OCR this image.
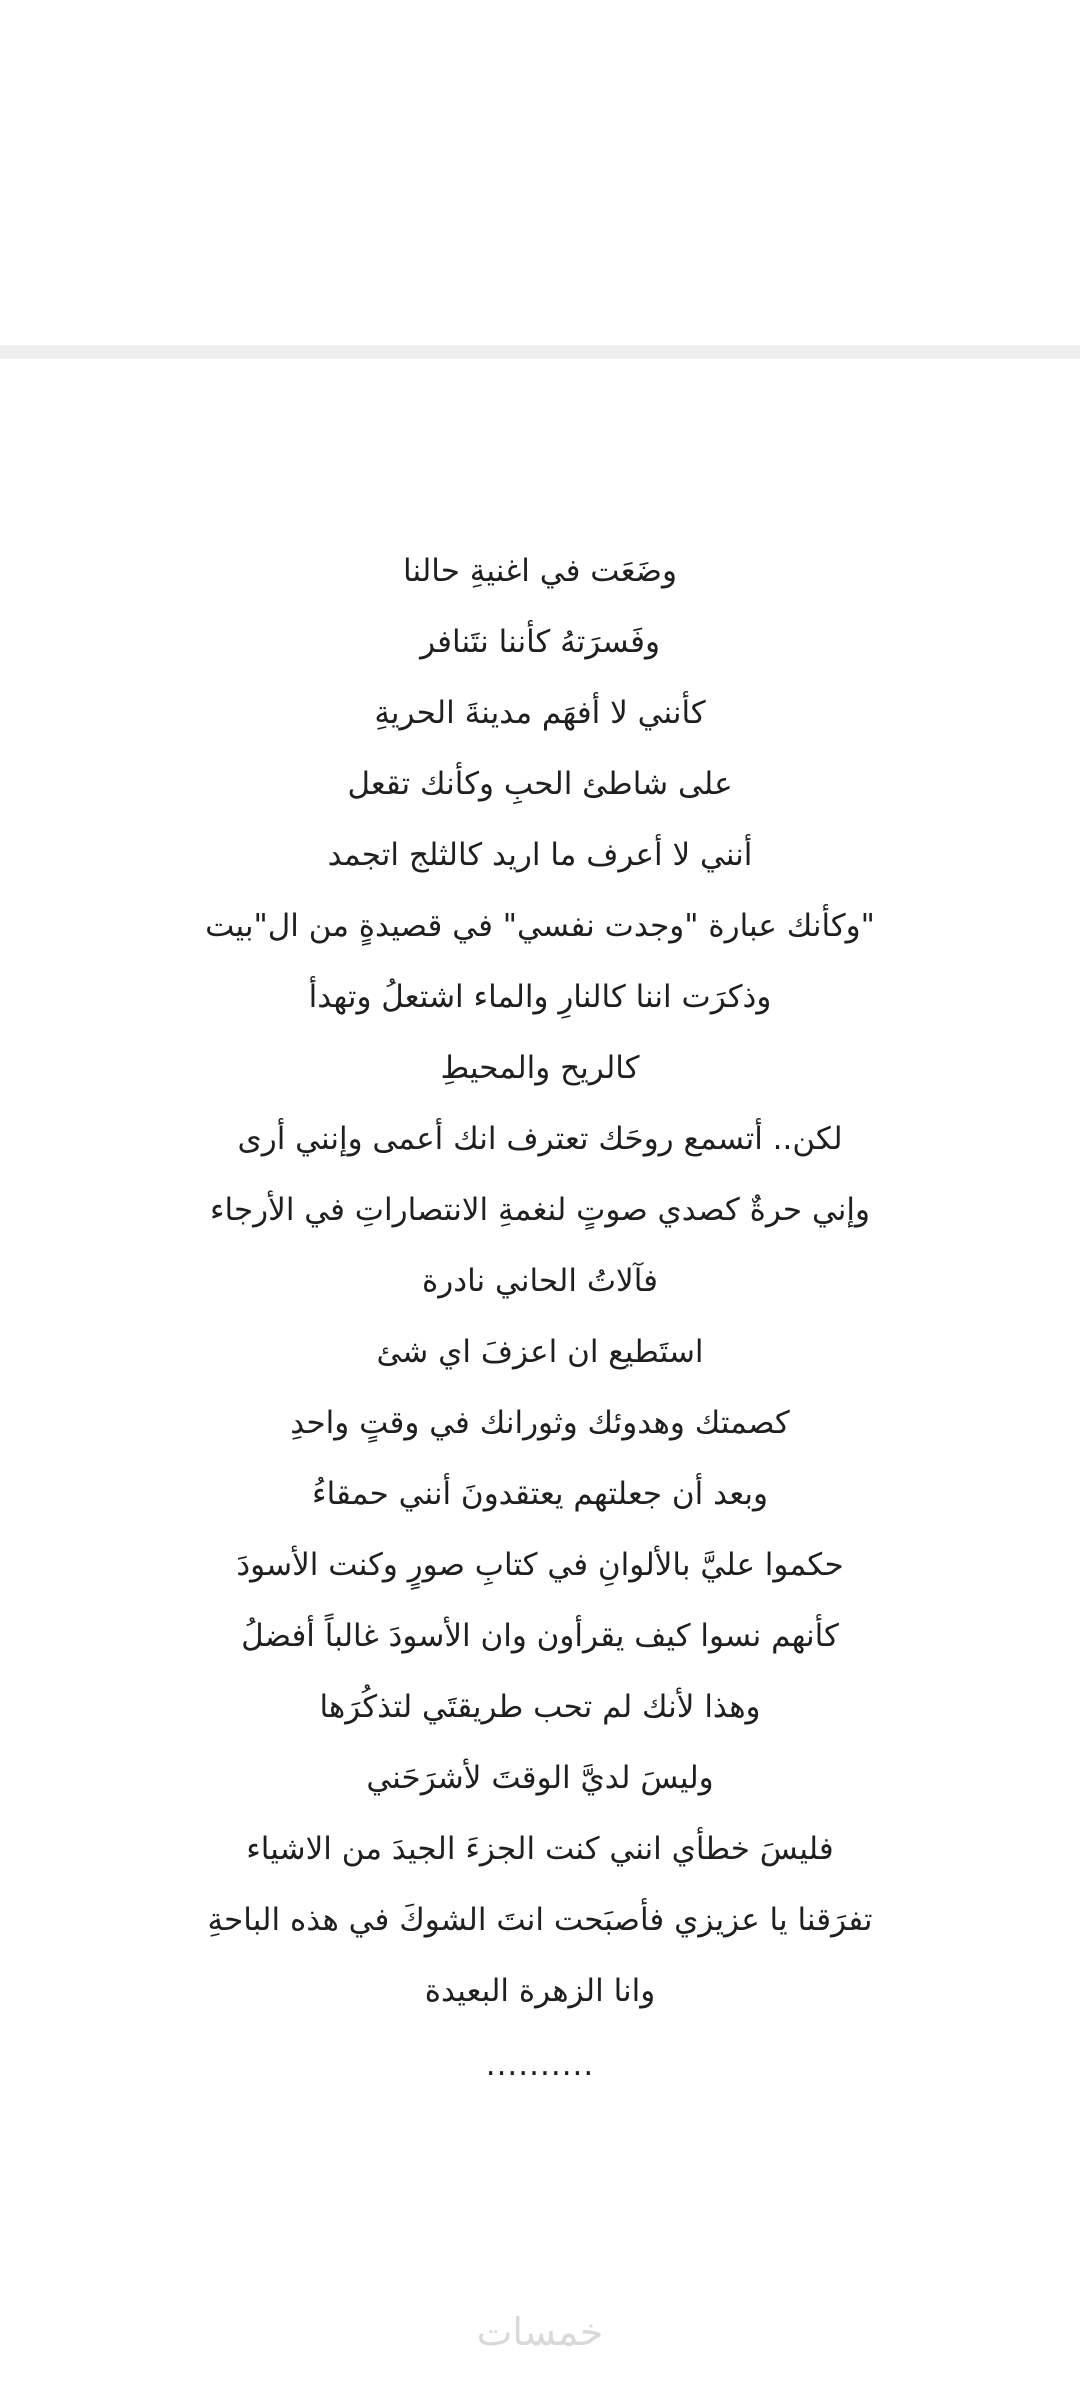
وضَعَت في اغنيةِ حالنا
وفَسرَتهُ كأننا نتَنافر
كأنني لا أفهَم مدينةَ الحريةِ
على شاطئ الحبِ وكأنك تقعل
أنني لا أعرف ما اريد كالثلج اتجمد
"وكأنك عبارة "وجدت نفسي" في قصيدةٍ من ال"بيت
وذكرَت اننا كالنارِ والماء اشتعلُ وتهدأ
كالريح والمحيطِ
لكن.. أتسمع روحَك تعترف انك أعمى وإنني أرى
وإني حرةٌ كصدي صوتٍ لنغمةِ الانتصاراتِ في الأرجاء
فآلاتُ الحاني نادرة
استَطيع ان اعزفَ اي شئ
كصمتك وهدوئك وثورانك في وقتٍ واحدِ
وبعد أن جعلتهم يعتقدونَ أنني حمقاءُ
حكموا عليَّ بالألوانِ في كتابِ صورٍ وكنت الأسودَ
كأنهم نسوا كيف يقرأون وان الأسودَ غالباً أفضلُ
وهذا لأنك لم تحب طريقتَي لتذكُرَها
وليسَ لديَّ الوقتَ لأشرَحَني
فليسَ خطأي انني كنت الجزءَ الجيدَ من الاشياء
تفرَقنا يا عزيزي فأصبَحت انتَ الشوكَ في هذه الباحةِ
وانا الزهرة البعيدة
..........
خمسات
